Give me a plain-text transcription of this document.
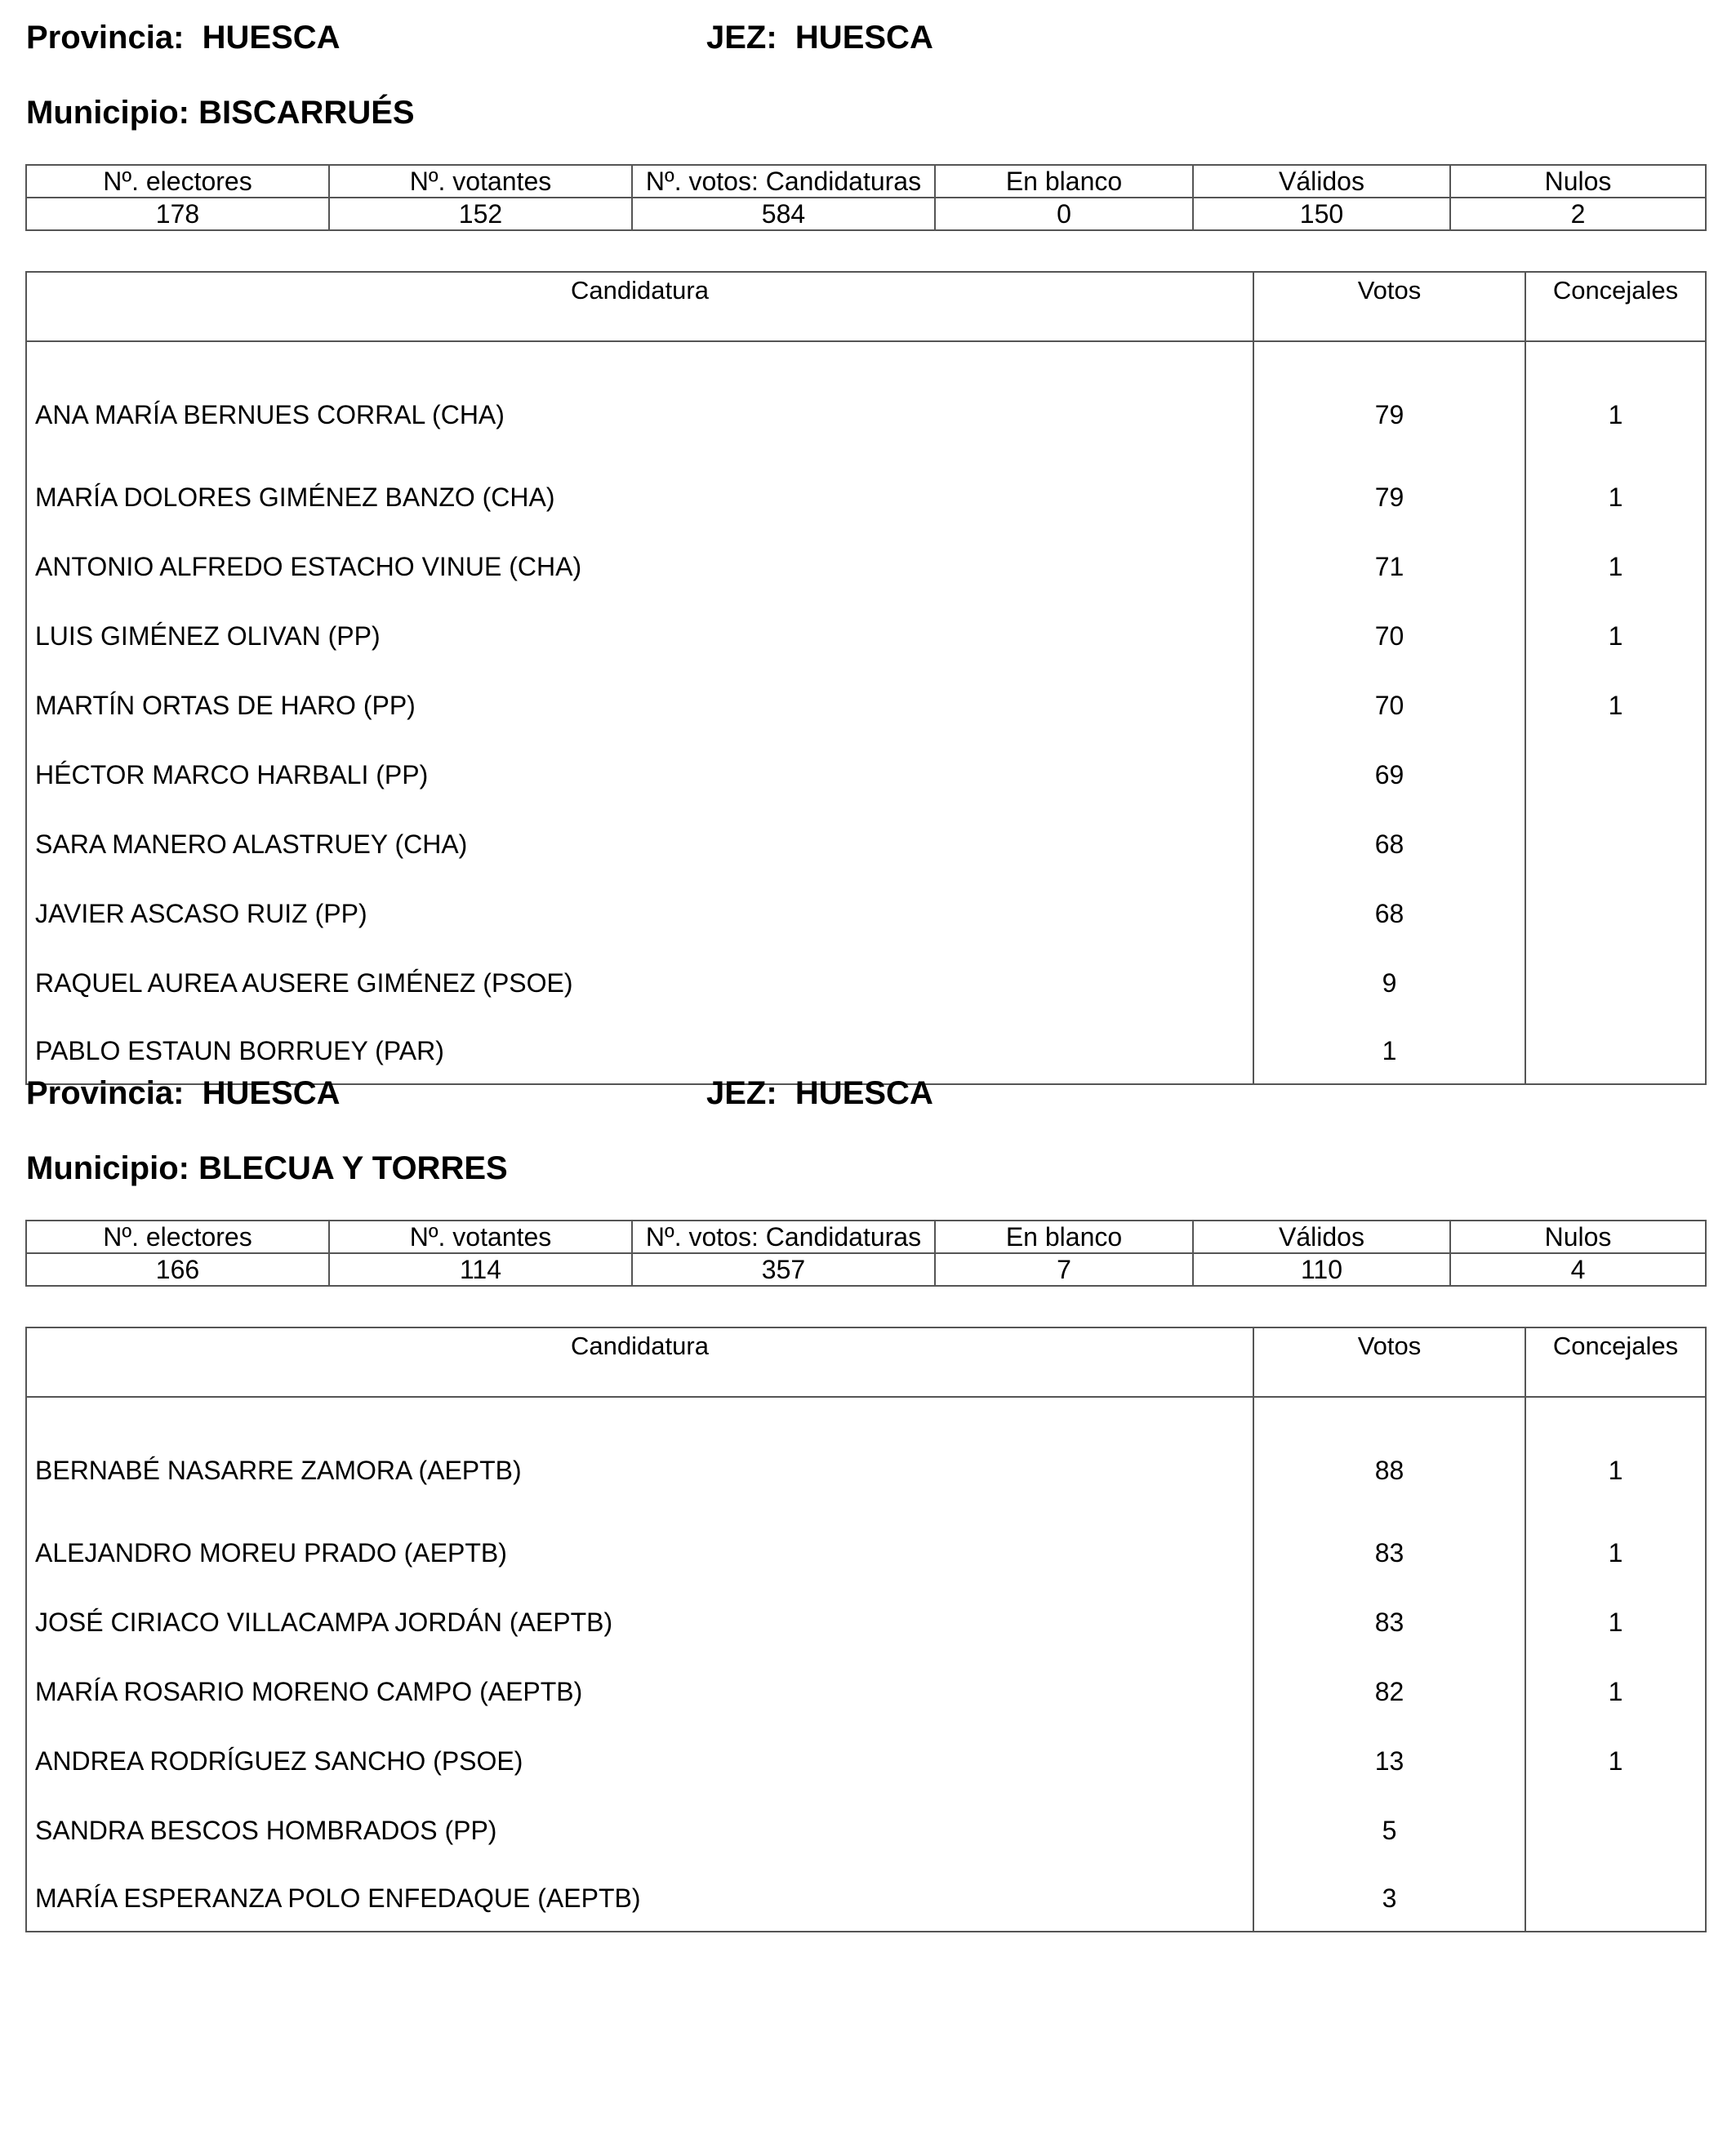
Provincia: HUESCA	JEZ: HUESCA
Municipio: BISCARRUÉS
Nº. electores	Nº. votantes	Nº. votos: Candidaturas	En blanco	Válidos	Nulos
178	152	584	0	150	2
Candidatura	Votos	Concejales
ANA MARÍA BERNUES CORRAL (CHA)	79	1
MARÍA DOLORES GIMÉNEZ BANZO (CHA)	79	1
ANTONIO ALFREDO ESTACHO VINUE (CHA)	71	1
LUIS GIMÉNEZ OLIVAN (PP)	70	1
MARTÍN ORTAS DE HARO (PP)	70	1
HÉCTOR MARCO HARBALI (PP)	69	
SARA MANERO ALASTRUEY (CHA)	68	
JAVIER ASCASO RUIZ (PP)	68	
RAQUEL AUREA AUSERE GIMÉNEZ (PSOE)	9	
PABLO ESTAUN BORRUEY (PAR)	1	
Provincia: HUESCA	JEZ: HUESCA
Municipio: BLECUA Y TORRES
Nº. electores	Nº. votantes	Nº. votos: Candidaturas	En blanco	Válidos	Nulos
166	114	357	7	110	4
Candidatura	Votos	Concejales
BERNABÉ NASARRE ZAMORA (AEPTB)	88	1
ALEJANDRO MOREU PRADO (AEPTB)	83	1
JOSÉ CIRIACO VILLACAMPA JORDÁN (AEPTB)	83	1
MARÍA ROSARIO MORENO CAMPO (AEPTB)	82	1
ANDREA RODRÍGUEZ SANCHO (PSOE)	13	1
SANDRA BESCOS HOMBRADOS (PP)	5	
MARÍA ESPERANZA POLO ENFEDAQUE (AEPTB)	3	
